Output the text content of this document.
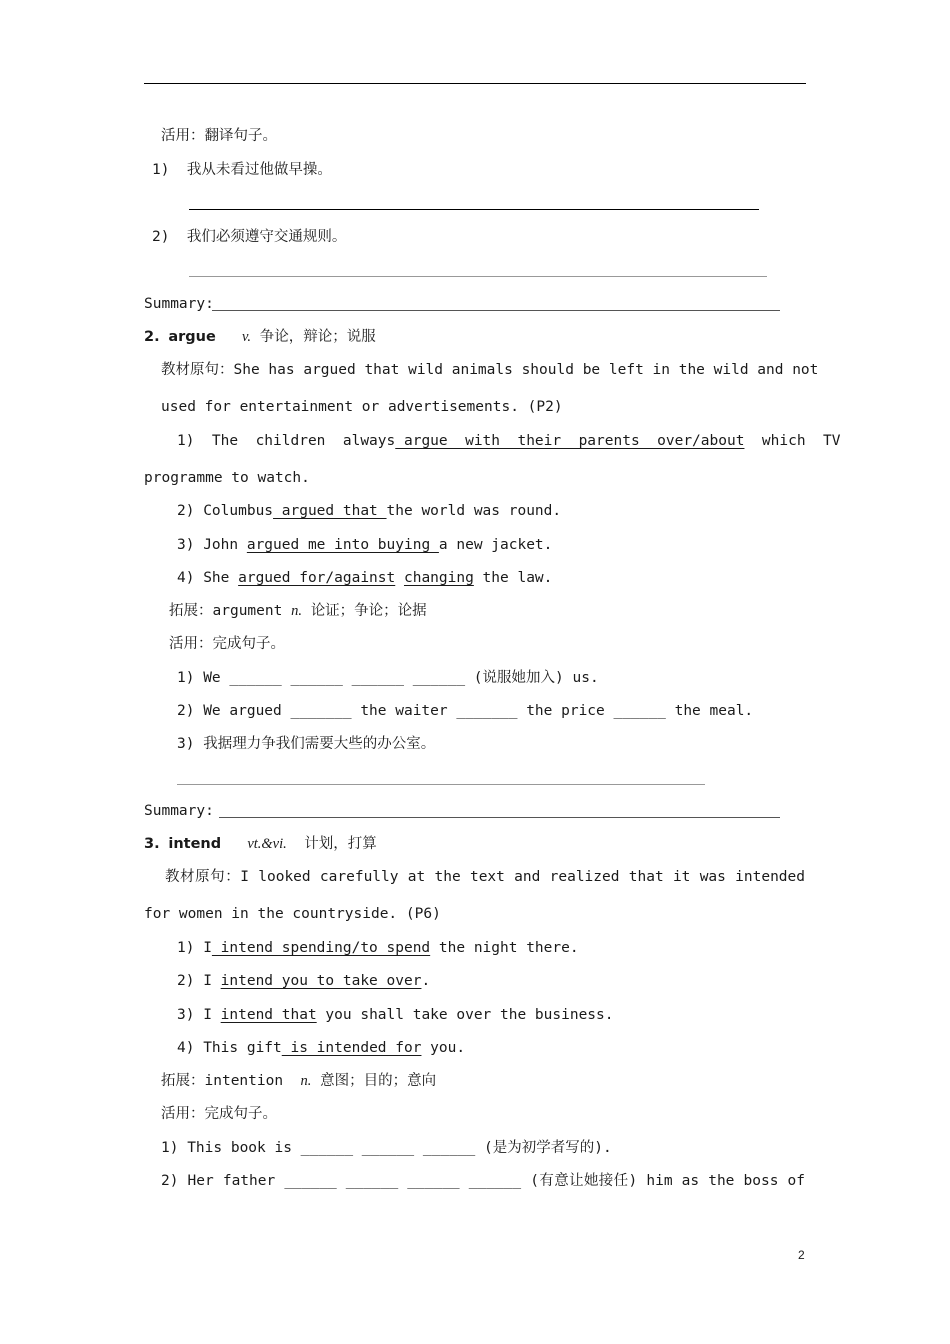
活用：翻译句子。
1)  我从未看过他做早操。
2)  我们必须遵守交通规则。
Summary:
2. argue v. 争论，辩论；说服
教材原句：She has argued that wild animals should be left in the wild and not
used for entertainment or advertisements. (P2)
1)  The  children  always argue  with  their  parents  over/about  which  TV
programme to watch.
2) Columbus argued that the world was round.
3) John argued me into buying a new jacket.
4) She argued for/against changing the law.
拓展：argument n. 论证；争论；论据
活用：完成句子。
1) We ______ ______ ______ ______ (说服她加入) us.
2) We argued _______ the waiter _______ the price ______ the meal.
3) 我据理力争我们需要大些的办公室。
Summary:
3. intend vt.&vi. 计划，打算
教材原句：I looked carefully at the text and realized that it was intended
for women in the countryside. (P6)
1) I intend spending/to spend the night there.
2) I intend you to take over.
3) I intend that you shall take over the business.
4) This gift is intended for you.
拓展：intention n. 意图；目的；意向
活用：完成句子。
1) This book is ______ ______ ______ (是为初学者写的).
2) Her father ______ ______ ______ ______ (有意让她接任) him as the boss of
2
